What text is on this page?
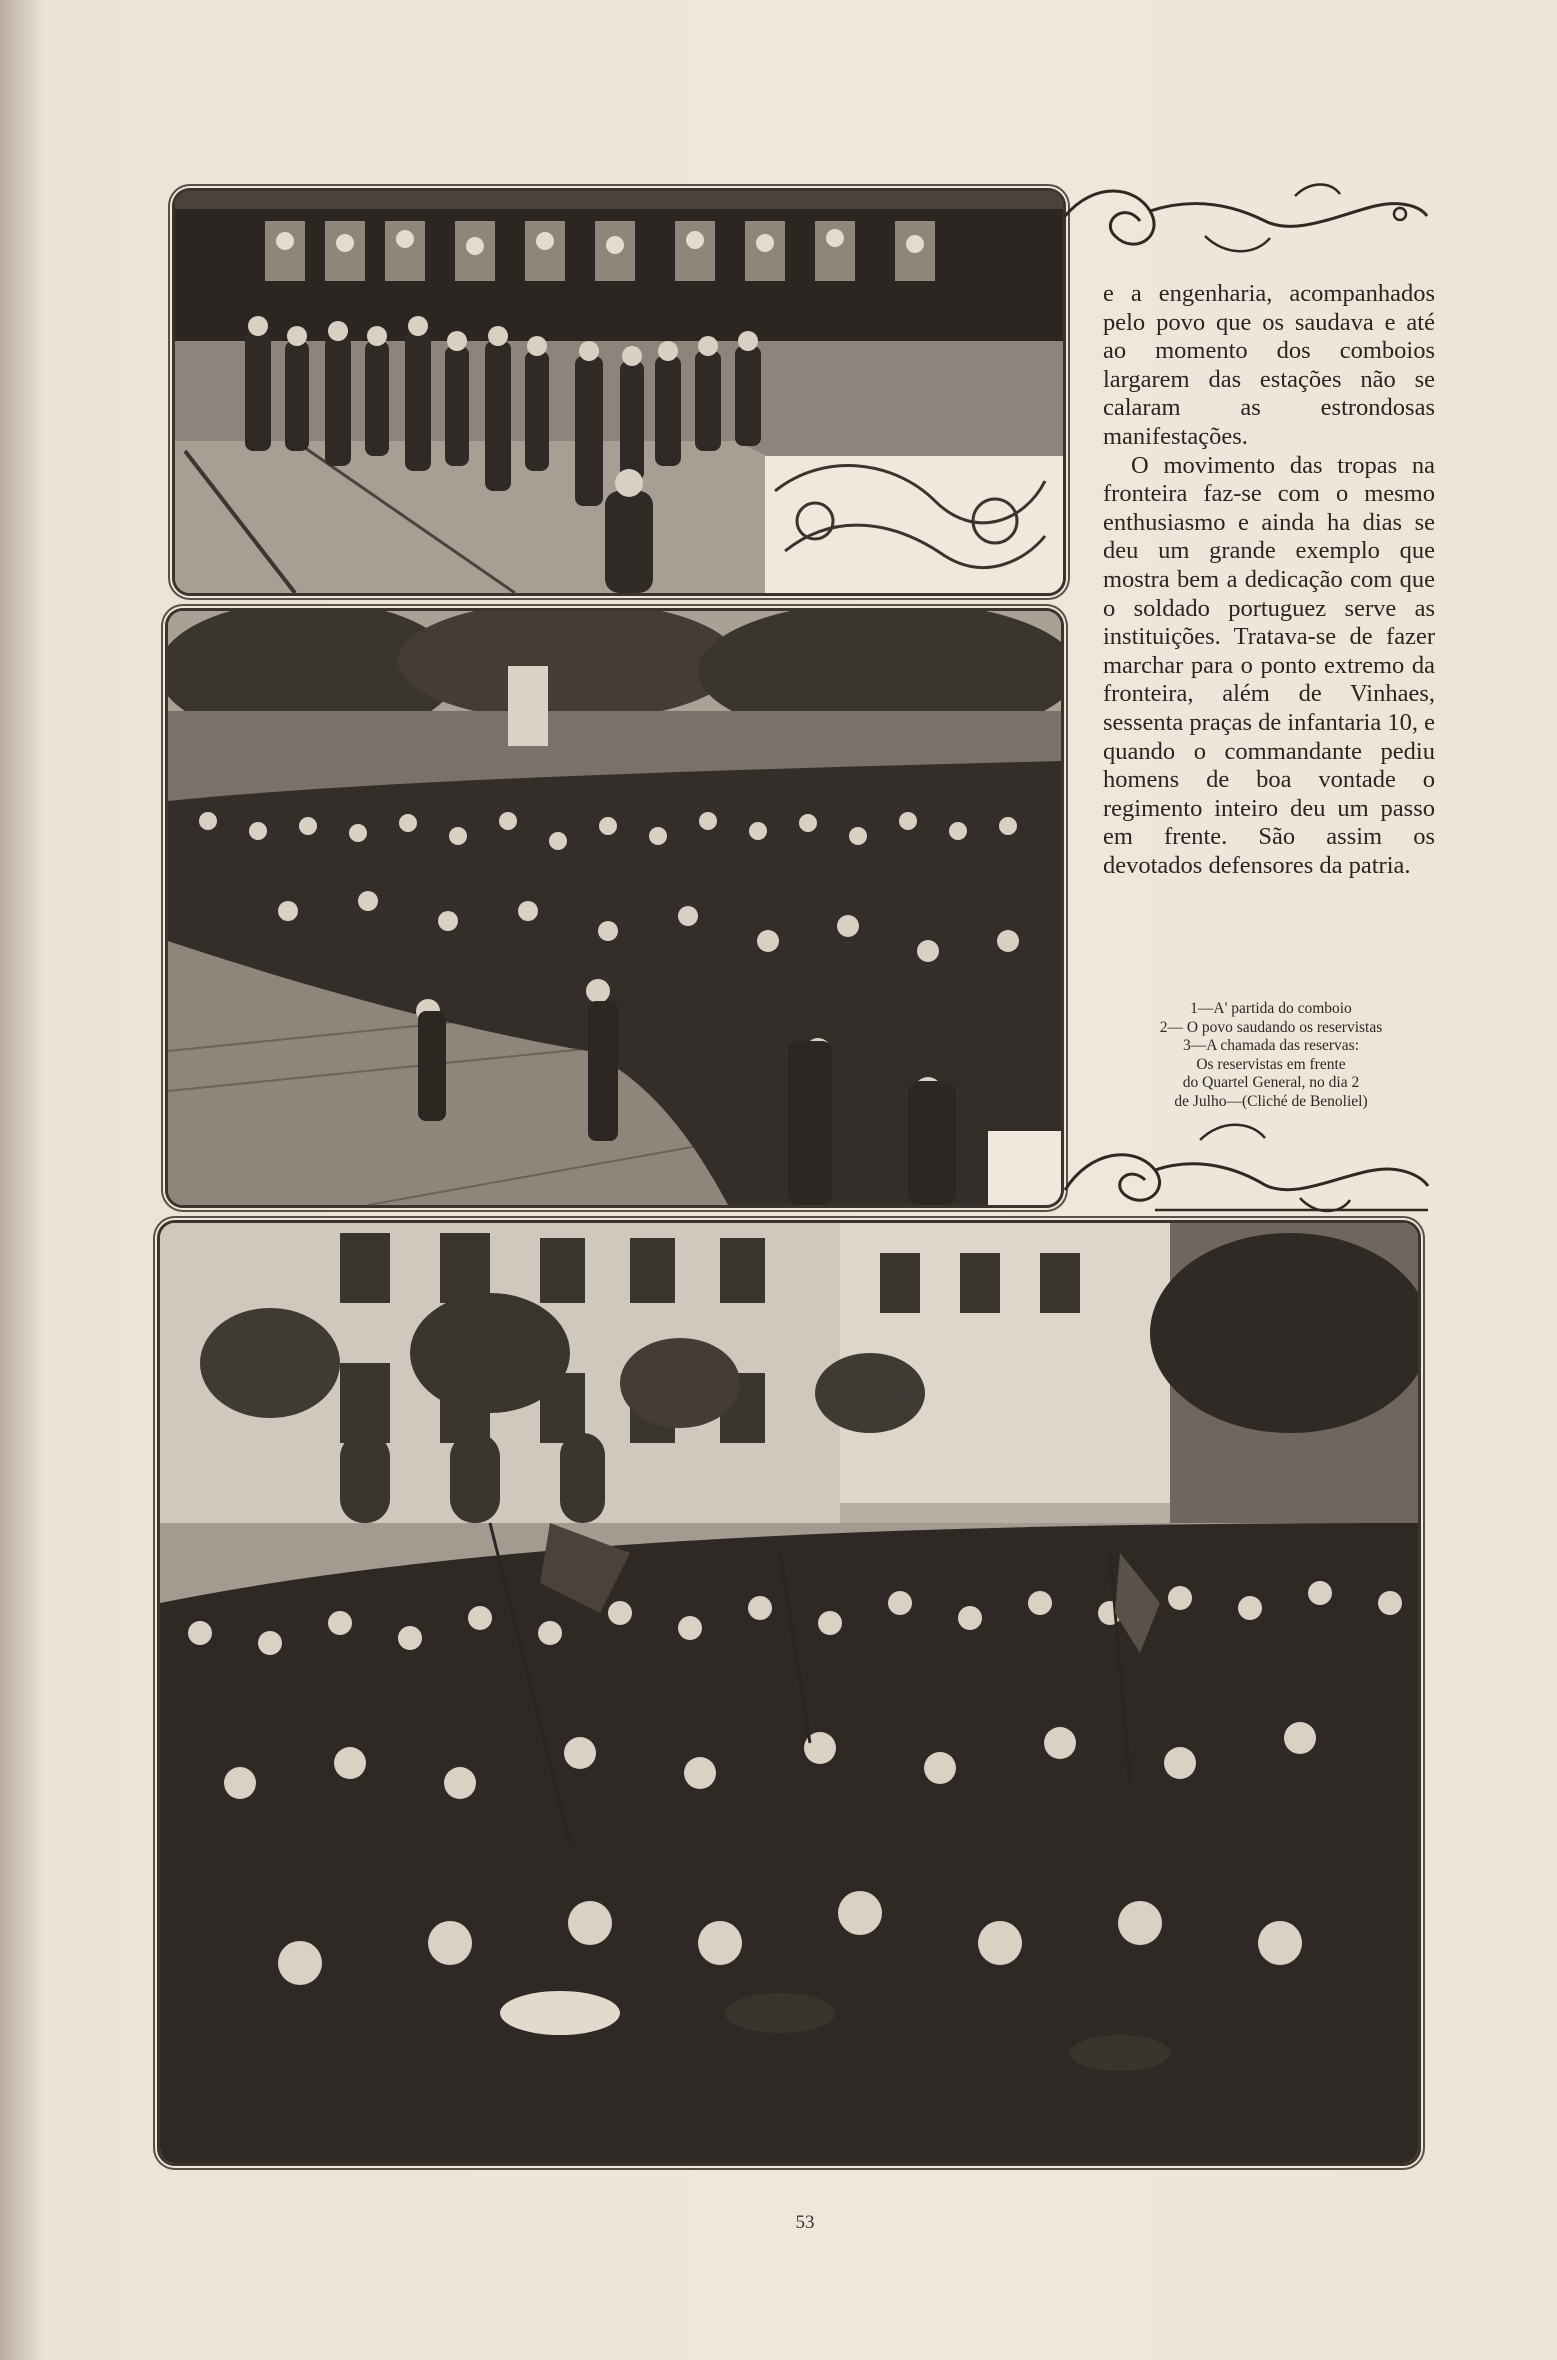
e a engenharia, acompanhados pelo povo que os saudava e até ao momento dos comboios largarem das estações não se calaram as estrondosas manifestações.

O movimento das tropas na fronteira faz-se com o mesmo enthusiasmo e ainda ha dias se deu um grande exemplo que mostra bem a dedicação com que o soldado portuguez serve as instituições. Tratava-se de fazer marchar para o ponto extremo da fronteira, além de Vinhaes, sessenta praças de infantaria 10, e quando o commandante pediu homens de boa vontade o regimento inteiro deu um passo em frente. São assim os devotados defensores da patria.

1—A' partida do comboio
2— O povo saudando os reservistas
3—A chamada das reservas:
Os reservistas em frente
do Quartel General, no dia 2
de Julho—(Cliché de Benoliel)
53
